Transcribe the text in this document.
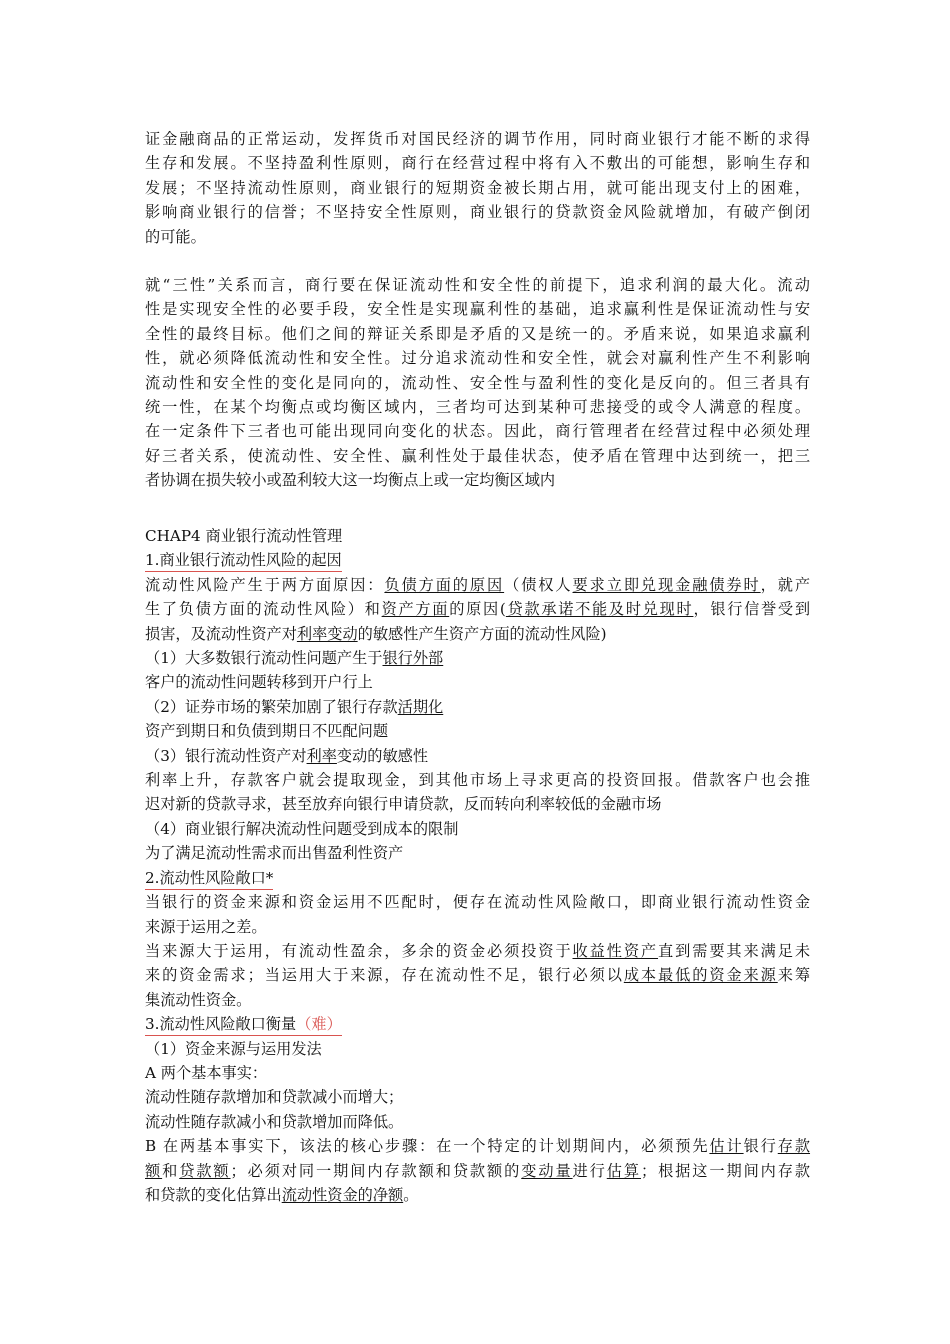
证金融商品的正常运动，发挥货币对国民经济的调节作用，同时商业银行才能不断的求得
生存和发展。不坚持盈利性原则，商行在经营过程中将有入不敷出的可能想，影响生存和
发展；不坚持流动性原则，商业银行的短期资金被长期占用，就可能出现支付上的困难，
影响商业银行的信誉；不坚持安全性原则，商业银行的贷款资金风险就增加，有破产倒闭
的可能。
就“三性”关系而言，商行要在保证流动性和安全性的前提下，追求利润的最大化。流动
性是实现安全性的必要手段，安全性是实现赢利性的基础，追求赢利性是保证流动性与安
全性的最终目标。他们之间的辩证关系即是矛盾的又是统一的。矛盾来说，如果追求赢利
性，就必须降低流动性和安全性。过分追求流动性和安全性，就会对赢利性产生不利影响
流动性和安全性的变化是同向的，流动性、安全性与盈利性的变化是反向的。但三者具有
统一性，在某个均衡点或均衡区域内，三者均可达到某种可悲接受的或令人满意的程度。
在一定条件下三者也可能出现同向变化的状态。因此，商行管理者在经营过程中必须处理
好三者关系，使流动性、安全性、赢利性处于最佳状态，使矛盾在管理中达到统一，把三
者协调在损失较小或盈利较大这一均衡点上或一定均衡区域内
CHAP4 商业银行流动性管理
1.商业银行流动性风险的起因
流动性风险产生于两方面原因：负债方面的原因（债权人要求立即兑现金融债券时，就产
生了负债方面的流动性风险）和资产方面的原因(贷款承诺不能及时兑现时，银行信誉受到
损害，及流动性资产对利率变动的敏感性产生资产方面的流动性风险)
（1）大多数银行流动性问题产生于银行外部
客户的流动性问题转移到开户行上
（2）证券市场的繁荣加剧了银行存款活期化
资产到期日和负债到期日不匹配问题
（3）银行流动性资产对利率变动的敏感性
利率上升，存款客户就会提取现金，到其他市场上寻求更高的投资回报。借款客户也会推
迟对新的贷款寻求，甚至放弃向银行申请贷款，反而转向利率较低的金融市场
（4）商业银行解决流动性问题受到成本的限制
为了满足流动性需求而出售盈利性资产
2.流动性风险敞口*
当银行的资金来源和资金运用不匹配时，便存在流动性风险敞口，即商业银行流动性资金
来源于运用之差。
当来源大于运用，有流动性盈余，多余的资金必须投资于收益性资产直到需要其来满足未
来的资金需求；当运用大于来源，存在流动性不足，银行必须以成本最低的资金来源来筹
集流动性资金。
3.流动性风险敞口衡量（难）
（1）资金来源与运用发法
A 两个基本事实：
流动性随存款增加和贷款减小而增大；
流动性随存款减小和贷款增加而降低。
B 在两基本事实下，该法的核心步骤：在一个特定的计划期间内，必须预先估计银行存款
额和贷款额；必须对同一期间内存款额和贷款额的变动量进行估算；根据这一期间内存款
和贷款的变化估算出流动性资金的净额。
